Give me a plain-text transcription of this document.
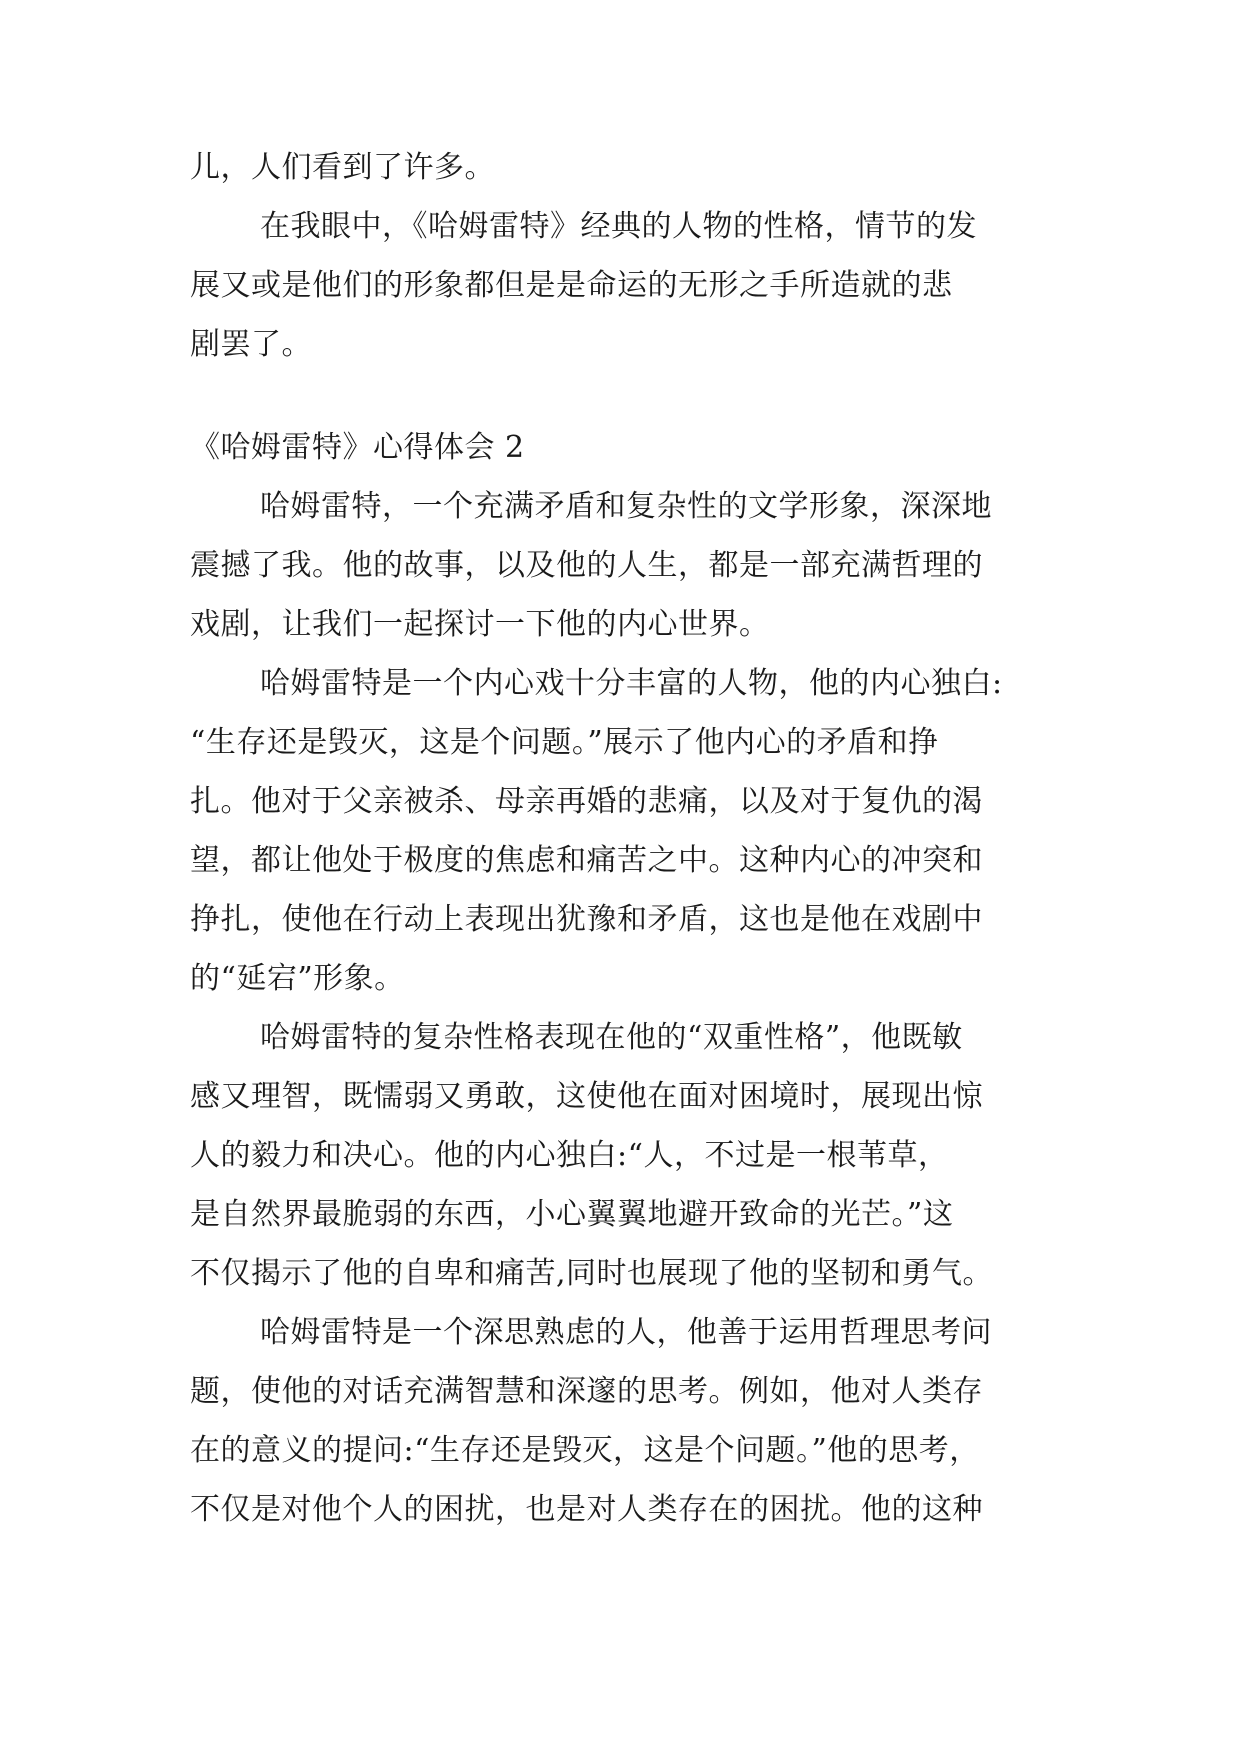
儿，人们看到了许多。
在我眼中，《哈姆雷特》经典的人物的性格，情节的发
展又或是他们的形象都但是是命运的无形之手所造就的悲
剧罢了。
《哈姆雷特》心得体会 2
哈姆雷特，一个充满矛盾和复杂性的文学形象，深深地
震撼了我。他的故事，以及他的人生，都是一部充满哲理的
戏剧，让我们一起探讨一下他的内心世界。
哈姆雷特是一个内心戏十分丰富的人物，他的内心独白:
“生存还是毁灭，这是个问题。”展示了他内心的矛盾和挣
扎。他对于父亲被杀、母亲再婚的悲痛，以及对于复仇的渴
望，都让他处于极度的焦虑和痛苦之中。这种内心的冲突和
挣扎，使他在行动上表现出犹豫和矛盾，这也是他在戏剧中
的“延宕”形象。
哈姆雷特的复杂性格表现在他的“双重性格”，他既敏
感又理智，既懦弱又勇敢，这使他在面对困境时，展现出惊
人的毅力和决心。他的内心独白:“人，不过是一根苇草，
是自然界最脆弱的东西，小心翼翼地避开致命的光芒。”这
不仅揭示了他的自卑和痛苦,同时也展现了他的坚韧和勇气。
哈姆雷特是一个深思熟虑的人，他善于运用哲理思考问
题，使他的对话充满智慧和深邃的思考。例如，他对人类存
在的意义的提问:“生存还是毁灭，这是个问题。”他的思考，
不仅是对他个人的困扰，也是对人类存在的困扰。他的这种
